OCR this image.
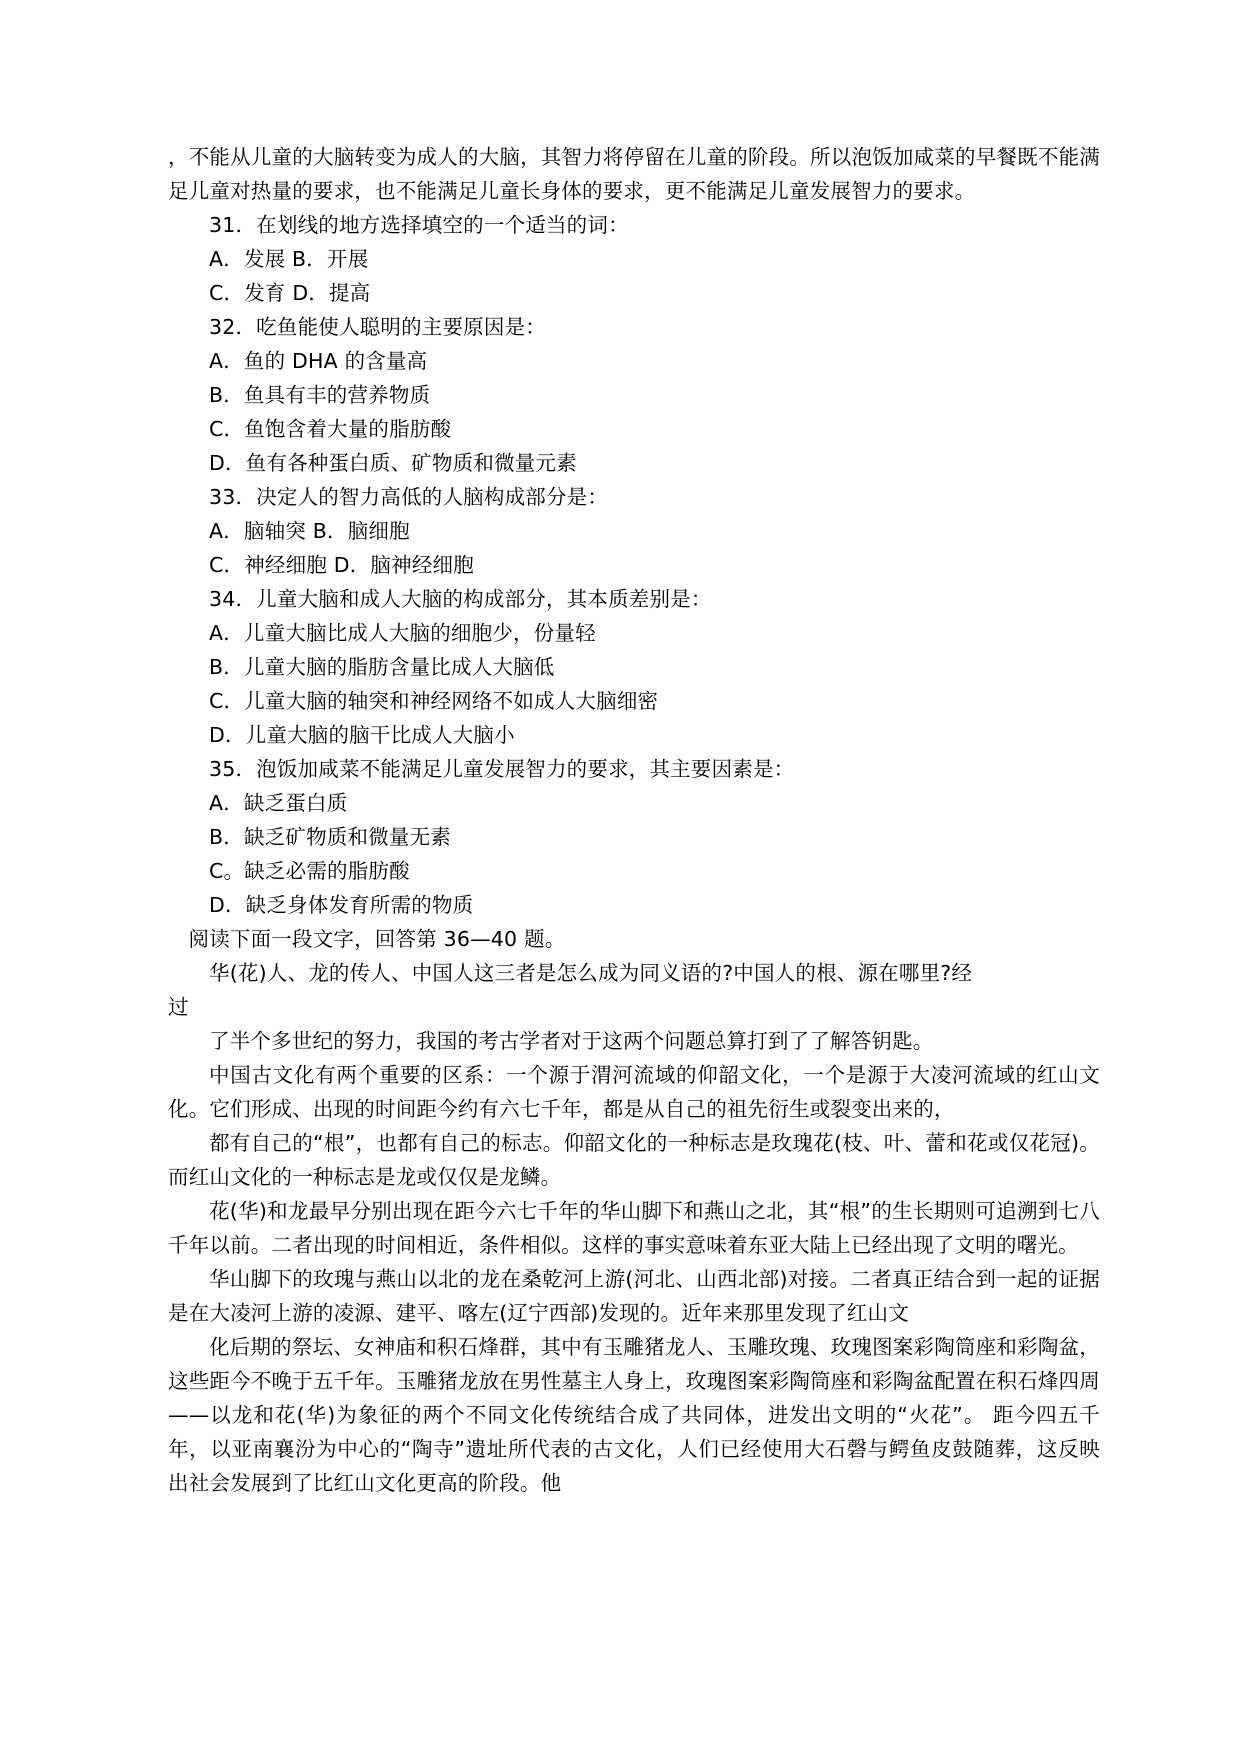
，不能从儿童的大脑转变为成人的大脑，其智力将停留在儿童的阶段。所以泡饭加咸菜的早餐既不能满足儿童对热量的要求，也不能满足儿童长身体的要求，更不能满足儿童发展智力的要求。

31．在划线的地方选择填空的一个适当的词：

A．发展 B．开展

C．发育 D．提高

32．吃鱼能使人聪明的主要原因是：

A．鱼的 DHA 的含量高

B．鱼具有丰的营养物质

C．鱼饱含着大量的脂肪酸

D．鱼有各种蛋白质、矿物质和微量元素

33．决定人的智力高低的人脑构成部分是：

A．脑轴突 B．脑细胞

C．神经细胞 D．脑神经细胞

34．儿童大脑和成人大脑的构成部分，其本质差别是：

A．儿童大脑比成人大脑的细胞少，份量轻

B．儿童大脑的脂肪含量比成人大脑低

C．儿童大脑的轴突和神经网络不如成人大脑细密

D．儿童大脑的脑干比成人大脑小

35．泡饭加咸菜不能满足儿童发展智力的要求，其主要因素是：

A．缺乏蛋白质

B．缺乏矿物质和微量无素

C。缺乏必需的脂肪酸

D．缺乏身体发育所需的物质

阅读下面一段文字，回答第 36—40 题。

华(花)人、龙的传人、中国人这三者是怎么成为同义语的?中国人的根、源在哪里?经

过

了半个多世纪的努力，我国的考古学者对于这两个问题总算打到了了解答钥匙。

中国古文化有两个重要的区系：一个源于渭河流域的仰韶文化，一个是源于大凌河流域的红山文化。它们形成、出现的时间距今约有六七千年，都是从自己的祖先衍生或裂变出来的，

都有自己的“根”，也都有自己的标志。仰韶文化的一种标志是玫瑰花(枝、叶、蕾和花或仅花冠)。而红山文化的一种标志是龙或仅仅是龙鳞。

花(华)和龙最早分别出现在距今六七千年的华山脚下和燕山之北，其“根”的生长期则可追溯到七八千年以前。二者出现的时间相近，条件相似。这样的事实意味着东亚大陆上已经出现了文明的曙光。

华山脚下的玫瑰与燕山以北的龙在桑乾河上游(河北、山西北部)对接。二者真正结合到一起的证据是在大凌河上游的凌源、建平、喀左(辽宁西部)发现的。近年来那里发现了红山文

化后期的祭坛、女神庙和积石烽群，其中有玉雕猪龙人、玉雕玫瑰、玫瑰图案彩陶筒座和彩陶盆，这些距今不晚于五千年。玉雕猪龙放在男性墓主人身上，玫瑰图案彩陶筒座和彩陶盆配置在积石烽四周——以龙和花(华)为象征的两个不同文化传统结合成了共同体，进发出文明的“火花”。 距今四五千年，以亚南襄汾为中心的“陶寺”遗址所代表的古文化，人们已经使用大石磬与鳄鱼皮鼓随葬，这反映出社会发展到了比红山文化更高的阶段。他
